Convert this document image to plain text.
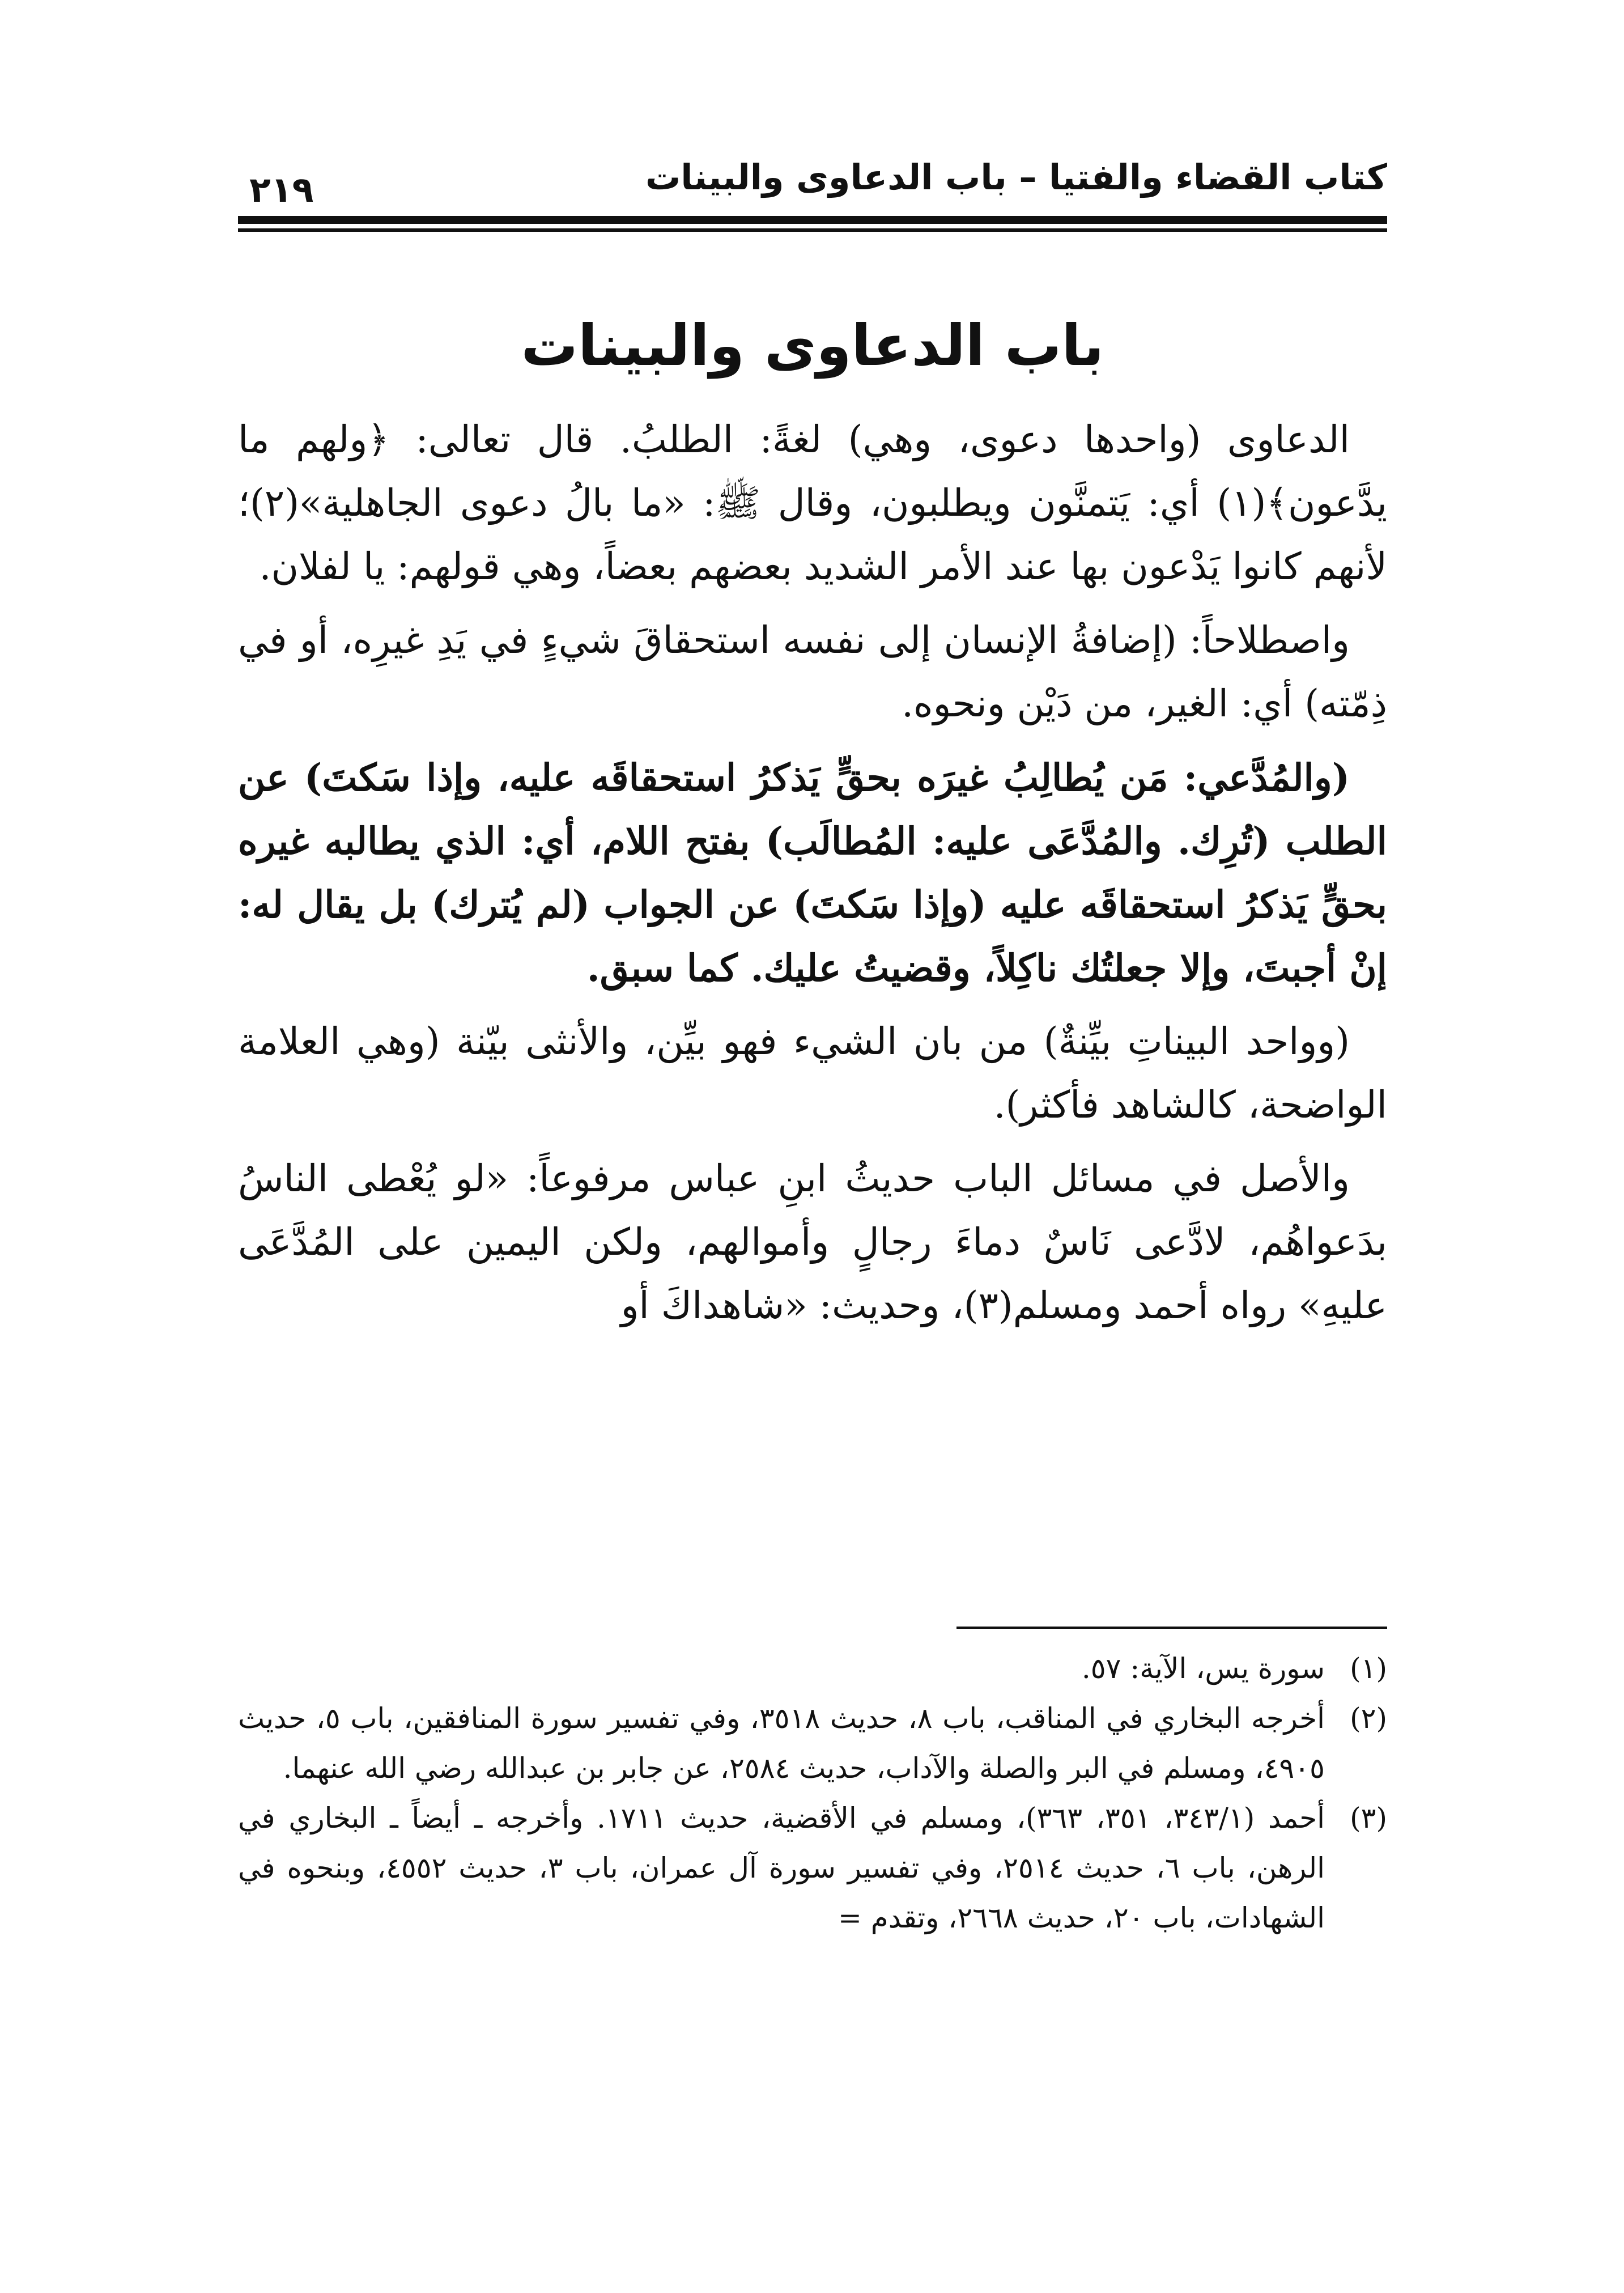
كتاب القضاء والفتيا – باب الدعاوى والبينات
٢١٩
باب الدعاوى والبينات

الدعاوى (واحدها دعوى، وهي) لغةً: الطلبُ. قال تعالى: ﴿ولهم ما يدَّعون﴾(١) أي: يَتمنَّون ويطلبون، وقال ﷺ: «ما بالُ دعوى الجاهلية»(٢)؛ لأنهم كانوا يَدْعون بها عند الأمر الشديد بعضهم بعضاً، وهي قولهم: يا لفلان.

واصطلاحاً: (إضافةُ الإنسان إلى نفسه استحقاقَ شيءٍ في يَدِ غيرِه، أو في ذِمّته) أي: الغير، من دَيْن ونحوه.

(والمُدَّعي: مَن يُطالِبُ غيرَه بحقٍّ يَذكرُ استحقاقَه عليه، وإذا سَكتَ) عن الطلب (تُرِك. والمُدَّعَى عليه: المُطالَب) بفتح اللام، أي: الذي يطالبه غيره بحقٍّ يَذكرُ استحقاقَه عليه (وإذا سَكتَ) عن الجواب (لم يُترك) بل يقال له: إنْ أجبتَ، وإلا جعلتُك ناكِلاً، وقضيتُ عليك. كما سبق.

(وواحد البيناتِ بيِّنةٌ) من بان الشيء فهو بيِّن، والأنثى بيّنة (وهي العلامة الواضحة، كالشاهد فأكثر).

والأصل في مسائل الباب حديثُ ابنِ عباس مرفوعاً: «لو يُعْطى الناسُ بدَعواهُم، لادَّعى نَاسٌ دماءَ رجالٍ وأموالهم، ولكن اليمين على المُدَّعَى عليهِ» رواه أحمد ومسلم(٣)، وحديث: «شاهداكَ أو

(١)
سورة يس، الآية: ٥٧.
(٢)
أخرجه البخاري في المناقب، باب ٨، حديث ٣٥١٨، وفي تفسير سورة المنافقين، باب ٥، حديث ٤٩٠٥، ومسلم في البر والصلة والآداب، حديث ٢٥٨٤، عن جابر بن عبدالله رضي الله عنهما.
(٣)
أحمد (٣٤٣/١، ٣٥١، ٣٦٣)، ومسلم في الأقضية، حديث ١٧١١. وأخرجه ـ أيضاً ـ البخاري في الرهن، باب ٦، حديث ٢٥١٤، وفي تفسير سورة آل عمران، باب ٣، حديث ٤٥٥٢، وبنحوه في الشهادات، باب ٢٠، حديث ٢٦٦٨، وتقدم =
